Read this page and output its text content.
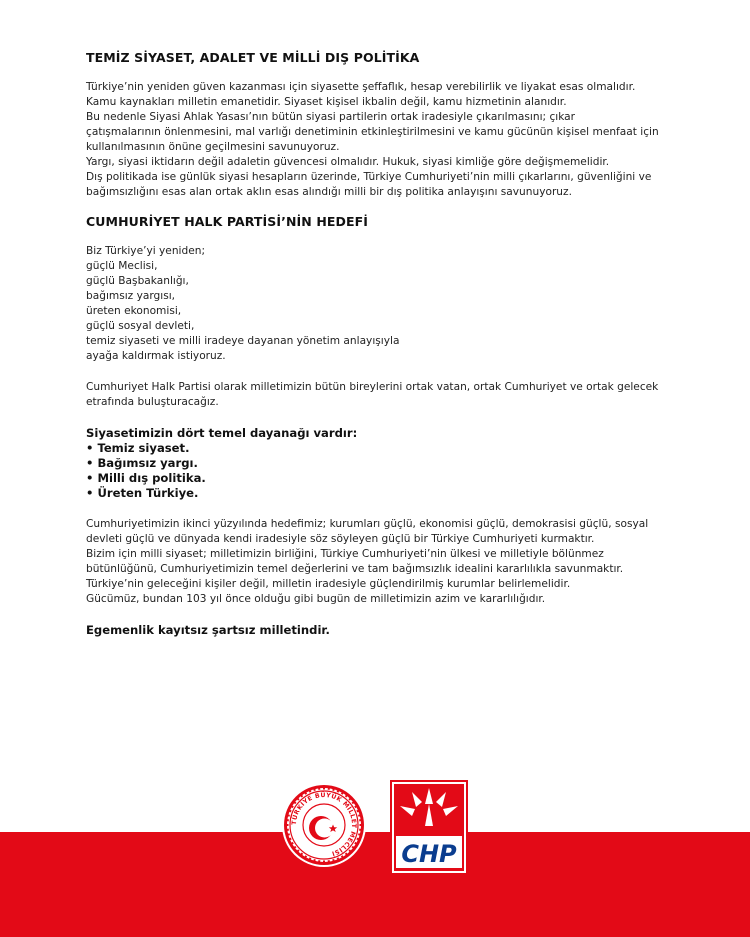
TEMİZ SİYASET, ADALET VE MİLLİ DIŞ POLİTİKA

Türkiye’nin yeniden güven kazanması için siyasette şeffaflık, hesap verebilirlik ve liyakat esas olmalıdır.

Kamu kaynakları milletin emanetidir. Siyaset kişisel ikbalin değil, kamu hizmetinin alanıdır.

Bu nedenle Siyasi Ahlak Yasası’nın bütün siyasi partilerin ortak iradesiyle çıkarılmasını; çıkar

çatışmalarının önlenmesini, mal varlığı denetiminin etkinleştirilmesini ve kamu gücünün kişisel menfaat için

kullanılmasının önüne geçilmesini savunuyoruz.

Yargı, siyasi iktidarın değil adaletin güvencesi olmalıdır. Hukuk, siyasi kimliğe göre değişmemelidir.

Dış politikada ise günlük siyasi hesapların üzerinde, Türkiye Cumhuriyeti’nin milli çıkarlarını, güvenliğini ve

bağımsızlığını esas alan ortak aklın esas alındığı milli bir dış politika anlayışını savunuyoruz.

CUMHURİYET HALK PARTİSİ’NİN HEDEFİ

Biz Türkiye’yi yeniden;

güçlü Meclisi,

güçlü Başbakanlığı,

bağımsız yargısı,

üreten ekonomisi,

güçlü sosyal devleti,

temiz siyaseti ve milli iradeye dayanan yönetim anlayışıyla

ayağa kaldırmak istiyoruz.

Cumhuriyet Halk Partisi olarak milletimizin bütün bireylerini ortak vatan, ortak Cumhuriyet ve ortak gelecek

etrafında buluşturacağız.

Siyasetimizin dört temel dayanağı vardır:

• Temiz siyaset.

• Bağımsız yargı.

• Milli dış politika.

• Üreten Türkiye.

Cumhuriyetimizin ikinci yüzyılında hedefimiz; kurumları güçlü, ekonomisi güçlü, demokrasisi güçlü, sosyal

devleti güçlü ve dünyada kendi iradesiyle söz söyleyen güçlü bir Türkiye Cumhuriyeti kurmaktır.

Bizim için milli siyaset; milletimizin birliğini, Türkiye Cumhuriyeti’nin ülkesi ve milletiyle bölünmez

bütünlüğünü, Cumhuriyetimizin temel değerlerini ve tam bağımsızlık idealini kararlılıkla savunmaktır.

Türkiye’nin geleceğini kişiler değil, milletin iradesiyle güçlendirilmiş kurumlar belirlemelidir.

Gücümüz, bundan 103 yıl önce olduğu gibi bugün de milletimizin azim ve kararlılığıdır.

Egemenlik kayıtsız şartsız milletindir.

TÜRKİYE BÜYÜK MİLLET MECLİSİ	CHP
